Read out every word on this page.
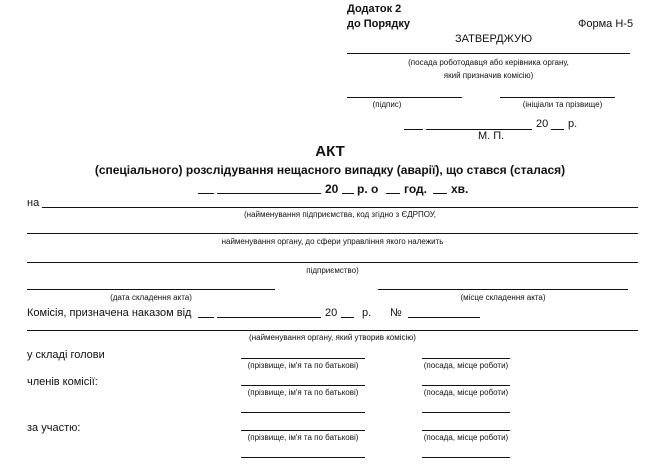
Додаток 2
до Порядку	Форма Н-5
ЗАТВЕРДЖУЮ
(посада роботодавця або керівника органу,
який призначив комісію)
(підпис)	(ініціали та прізвище)
20 р.
М. П.
АКТ
(спеціального) розслідування нещасного випадку (аварії), що стався (сталася)
20 р. о год. хв.
на
(найменування підприємства, код згідно з ЄДРПОУ,
найменування органу, до сфери управління якого належить
підприємство)
(дата складення акта)	(місце складення акта)
Комісія, призначена наказом від	20 р. №
(найменування органу, який утворив комісію)
у складі голови
(прізвище, ім'я та по батькові)	(посада, місце роботи)
членів комісії:
(прізвище, ім'я та по батькові)	(посада, місце роботи)
за участю:
(прізвище, ім'я та по батькові)	(посада, місце роботи)
